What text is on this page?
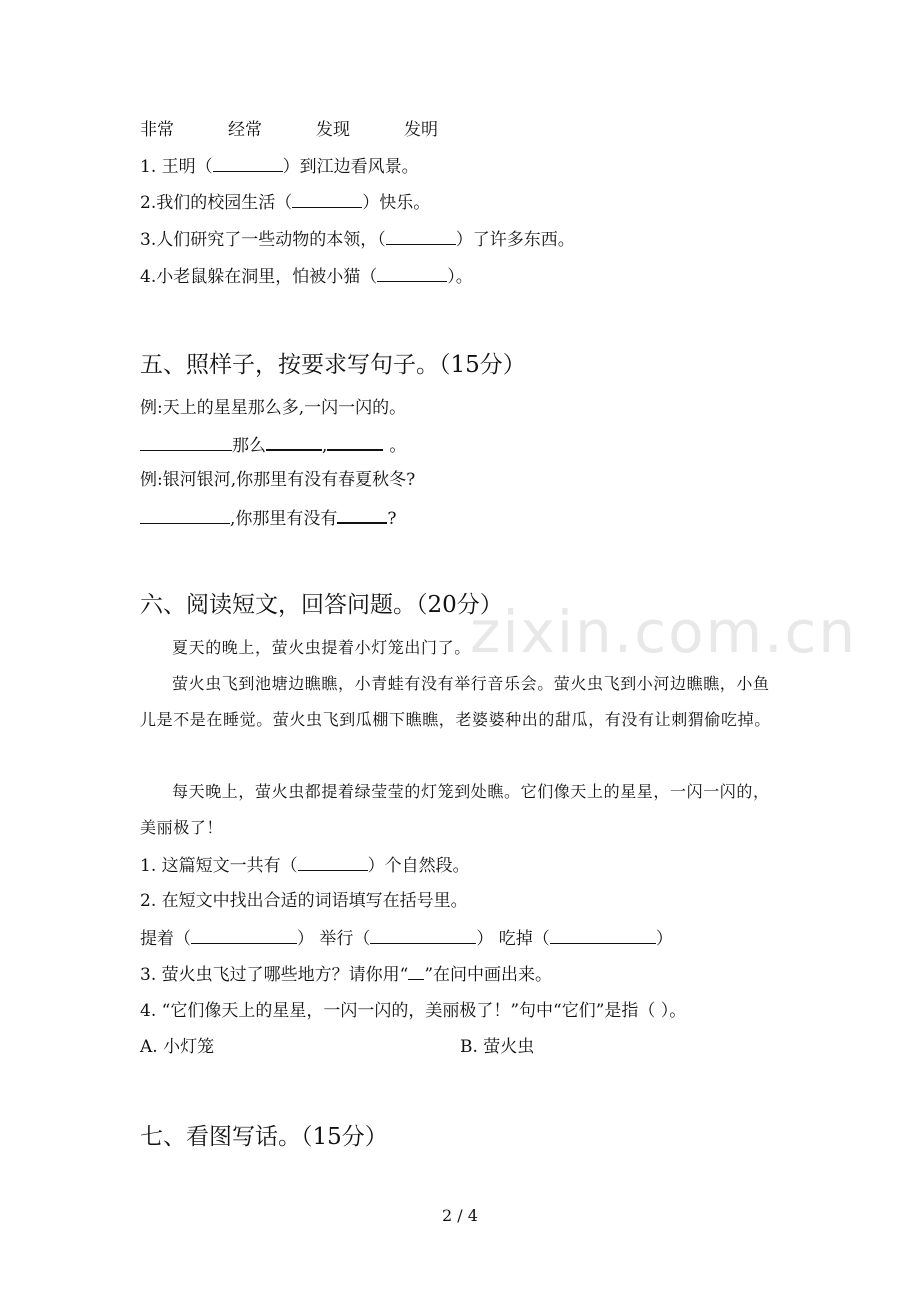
非常	经常	发现	发明
1. 王明（	）到江边看风景。
2.我们的校园生活（	）快乐。
3.人们研究了一些动物的本领，（	）了许多东西。
4.小老鼠躲在洞里，怕被小猫（	）。
五、照样子，按要求写句子。（15分）
例:天上的星星那么多,一闪一闪的。
那么	,	。
例:银河银河,你那里有没有春夏秋冬?
,你那里有没有	?
六、阅读短文，回答问题。（20分）
夏天的晚上，萤火虫提着小灯笼出门了。
萤火虫飞到池塘边瞧瞧，小青蛙有没有举行音乐会。萤火虫飞到小河边瞧瞧，小鱼儿是不是在睡觉。萤火虫飞到瓜棚下瞧瞧，老婆婆种出的甜瓜，有没有让刺猬偷吃掉。
每天晚上，萤火虫都提着绿莹莹的灯笼到处瞧。它们像天上的星星，一闪一闪的，美丽极了！
1. 这篇短文一共有（	）个自然段。
2. 在短文中找出合适的词语填写在括号里。
提着（	） 举行（	） 吃掉（	）
3. 萤火虫飞过了哪些地方？请你用“ ”在问中画出来。
4. “它们像天上的星星，一闪一闪的，美丽极了！”句中“它们”是指（ ）。
A. 小灯笼	B. 萤火虫
七、看图写话。（15分）
2 / 4
zixin.com.cn
